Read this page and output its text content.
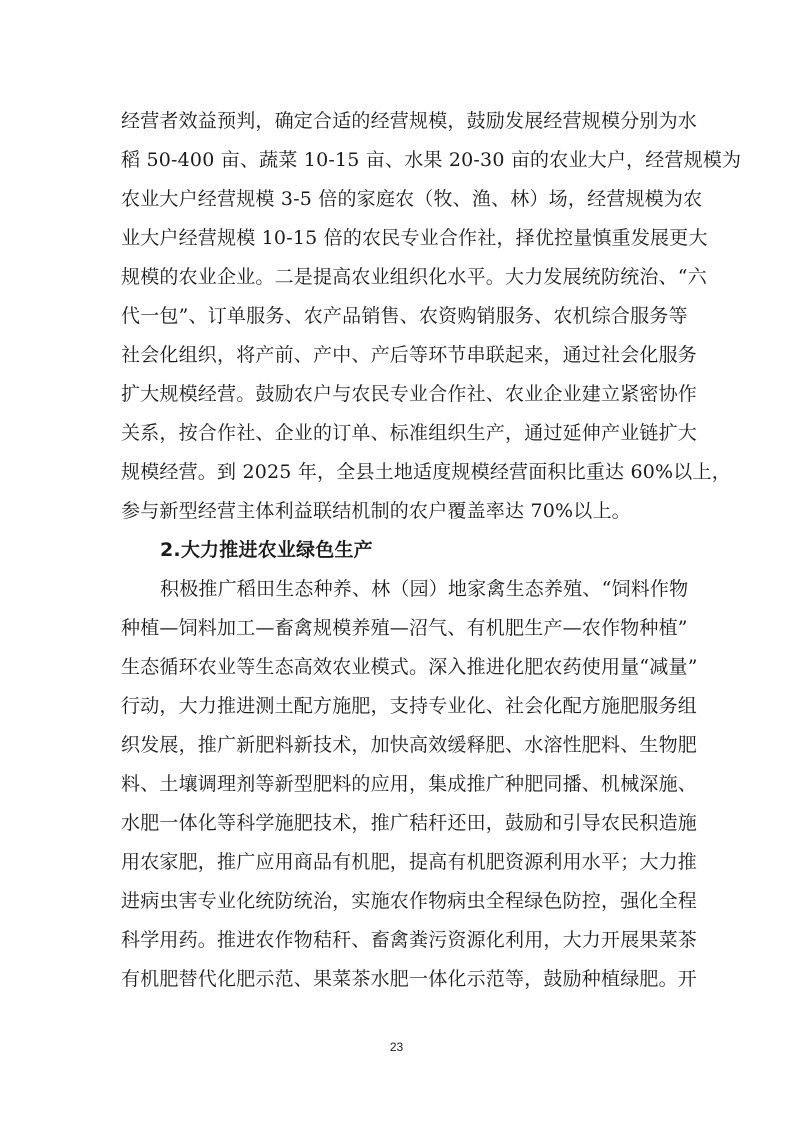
经营者效益预判，确定合适的经营规模，鼓励发展经营规模分别为水
稻 50-400 亩、蔬菜 10-15 亩、水果 20-30 亩的农业大户，经营规模为
农业大户经营规模 3-5 倍的家庭农（牧、渔、林）场，经营规模为农
业大户经营规模 10-15 倍的农民专业合作社，择优控量慎重发展更大
规模的农业企业。二是提高农业组织化水平。大力发展统防统治、“六
代一包”、订单服务、农产品销售、农资购销服务、农机综合服务等
社会化组织，将产前、产中、产后等环节串联起来，通过社会化服务
扩大规模经营。鼓励农户与农民专业合作社、农业企业建立紧密协作
关系，按合作社、企业的订单、标准组织生产，通过延伸产业链扩大
规模经营。到 2025 年，全县土地适度规模经营面积比重达 60%以上，
参与新型经营主体利益联结机制的农户覆盖率达 70%以上。
2.大力推进农业绿色生产
积极推广稻田生态种养、林（园）地家禽生态养殖、“饲料作物
种植—饲料加工—畜禽规模养殖—沼气、有机肥生产—农作物种植”
生态循环农业等生态高效农业模式。深入推进化肥农药使用量“减量”
行动，大力推进测土配方施肥，支持专业化、社会化配方施肥服务组
织发展，推广新肥料新技术，加快高效缓释肥、水溶性肥料、生物肥
料、土壤调理剂等新型肥料的应用，集成推广种肥同播、机械深施、
水肥一体化等科学施肥技术，推广秸秆还田，鼓励和引导农民积造施
用农家肥，推广应用商品有机肥，提高有机肥资源利用水平；大力推
进病虫害专业化统防统治，实施农作物病虫全程绿色防控，强化全程
科学用药。推进农作物秸秆、畜禽粪污资源化利用，大力开展果菜茶
有机肥替代化肥示范、果菜茶水肥一体化示范等，鼓励种植绿肥。开
23
